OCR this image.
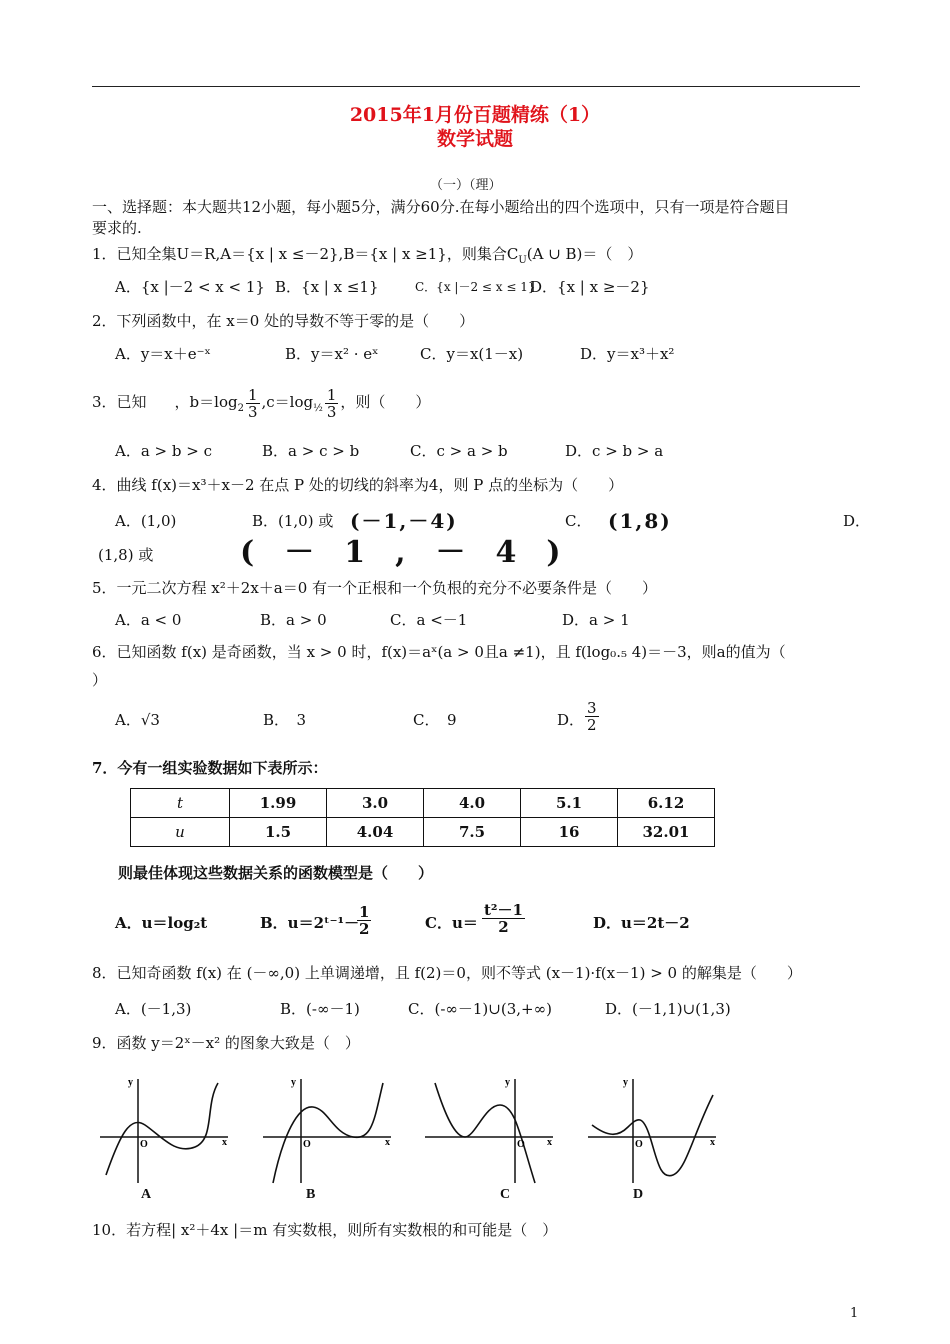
2015年1月份百题精练（1）
数学试题
（一）（理）
一、选择题：本大题共12小题，每小题5分，满分60分.在每小题给出的四个选项中，只有一项是符合题目
要求的.
1．已知全集U＝R,A＝{x | x ≤－2},B＝{x | x ≥1}，则集合$C_U(A$ ∪ B)＝（　）
A．{x |－2 < x < 1} B．{x | x ≤1}	C．{x |－2 ≤ x ≤ 1}
D．{x | x ≥－2}
2．下列函数中，在 x＝0 处的导数不等于零的是（　　）
A．y＝x＋e⁻ˣ	B．y＝x² · eˣ	C．y＝x(1－x)	D．y＝x³＋x²
3．已知 ，$b=\log_2 \frac{1}{3} ,c=\log_{\frac{1}{2}} \frac{1}{3}$ ，则（　　）
A．a > b > c	B．a > c > b	C．c > a > b	D．c > b > a
4．曲线 f(x)＝x³＋x－2 在点 P 处的切线的斜率为4，则 P 点的坐标为（　　）
A．(1,0)	B．(1,0) 或 (－1,－4)	C． (1,8)	D．
(1,8) 或	(－1,－4)
5．一元二次方程 x²＋2x＋a＝0 有一个正根和一个负根的充分不必要条件是（　　）
A．a < 0	B．a > 0	C．a <－1	D．a > 1
6．已知函数 f(x) 是奇函数，当 x > 0 时，f(x)＝aˣ(a > 0且a ≠1)，且 f(log₀.₅ 4)＝－3，则a的值为（
）
A．√3	B．　3	C．　9	D． $\frac{3}{2}$
7．今有一组实验数据如下表所示：
t	1.99	3.0	4.0	5.1	6.12
u	1.5	4.04	7.5	16	32.01
则最佳体现这些数据关系的函数模型是（　　）
A．u＝log₂t	B．u＝2ᵗ⁻¹－
$\frac{1}{2}$	C．$u= \frac{\text{t²－1}}{2}$	D．u＝2t－2
8．已知奇函数 f(x) 在 (－∞,0) 上单调递增，且 f(2)＝0，则不等式 (x－1)·f(x－1) > 0 的解集是（　　）
A．(－1,3)	B．(-∞－1)	C．(-∞－1)∪(3,+∞)	D．(－1,1)∪(1,3)
9．函数 y＝2ˣ－x² 的图象大致是（　）
y
O	x
y
O	x
y
O x
y
O	x
A	B	C	D
10．若方程| x²＋4x |＝m 有实数根，则所有实数根的和可能是（　）
1
